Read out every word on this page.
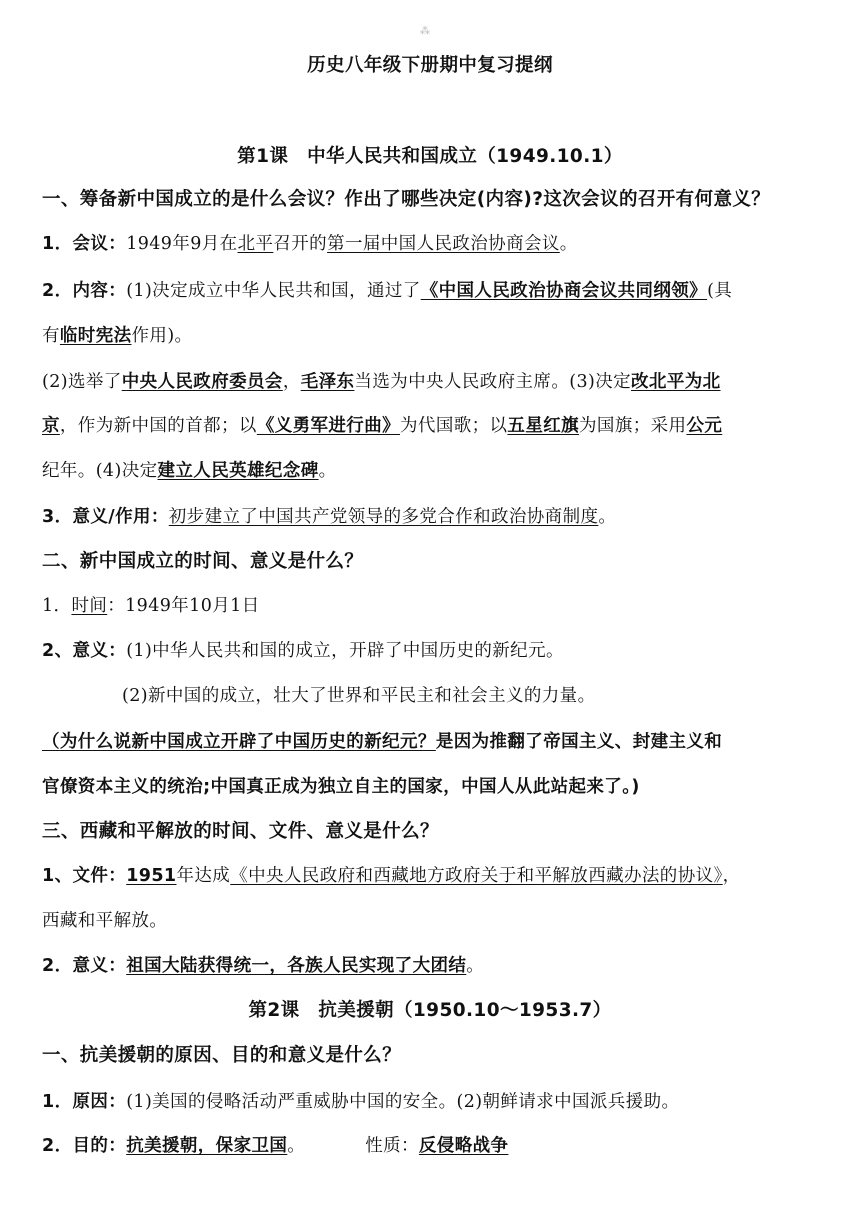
⁂
历史八年级下册期中复习提纲
第1课　中华人民共和国成立（1949.10.1）
一、筹备新中国成立的是什么会议？作出了哪些决定(内容)?这次会议的召开有何意义？
1．会议：1949年9月在北平召开的第一届中国人民政治协商会议。
2．内容：(1)决定成立中华人民共和国，通过了《中国人民政治协商会议共同纲领》(具
有临时宪法作用)。
(2)选举了中央人民政府委员会，毛泽东当选为中央人民政府主席。(3)决定改北平为北
京，作为新中国的首都；以《义勇军进行曲》为代国歌；以五星红旗为国旗；采用公元
纪年。(4)决定建立人民英雄纪念碑。
3．意义/作用：初步建立了中国共产党领导的多党合作和政治协商制度。
二、新中国成立的时间、意义是什么？
1．时间：1949年10月1日
2、意义：(1)中华人民共和国的成立，开辟了中国历史的新纪元。
(2)新中国的成立，壮大了世界和平民主和社会主义的力量。
（为什么说新中国成立开辟了中国历史的新纪元？是因为推翻了帝国主义、封建主义和
官僚资本主义的统治;中国真正成为独立自主的国家，中国人从此站起来了。)
三、西藏和平解放的时间、文件、意义是什么？
1、文件：1951年达成《中央人民政府和西藏地方政府关于和平解放西藏办法的协议》，
西藏和平解放。
2．意义：祖国大陆获得统一，各族人民实现了大团结。
第2课　抗美援朝（1950.10～1953.7）
一、抗美援朝的原因、目的和意义是什么？
1．原因：(1)美国的侵略活动严重威胁中国的安全。(2)朝鲜请求中国派兵援助。
2．目的：抗美援朝，保家卫国。	性质：反侵略战争
